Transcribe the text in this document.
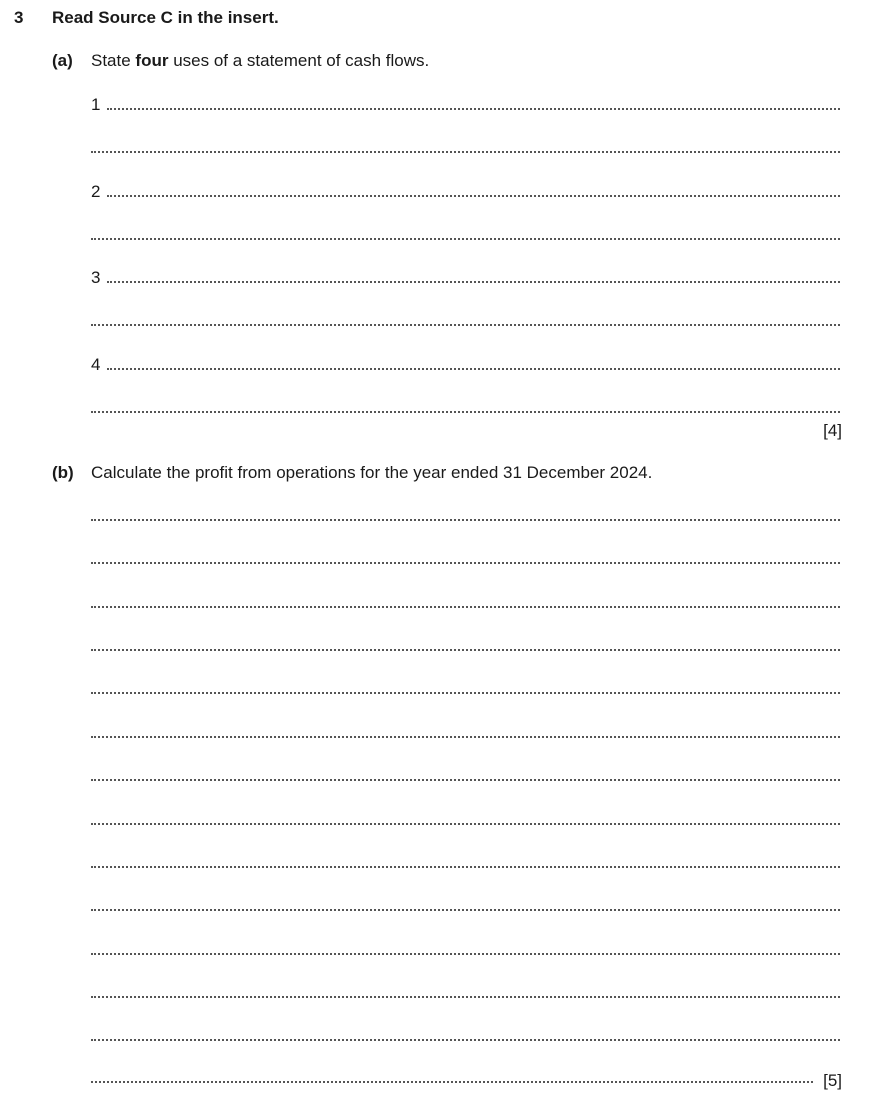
3 Read Source C in the insert.
(a) State four uses of a statement of cash flows.
1
2
3
4
[4]
(b) Calculate the profit from operations for the year ended 31 December 2024.
[5]
